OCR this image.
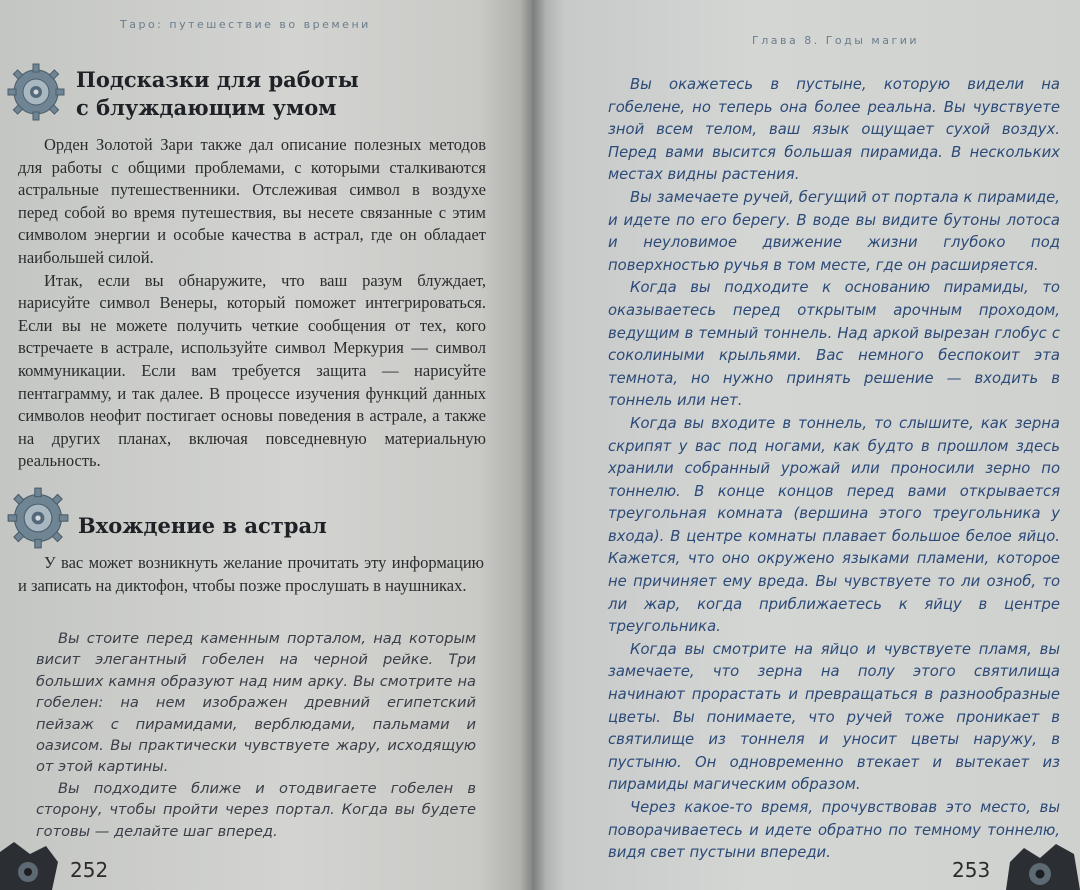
Таро: путешествие во времени
Подсказки для работы
с блуждающим умом

Орден Золотой Зари также дал описание полезных методов для работы с общими проблемами, с которыми сталкиваются астральные путешественники. Отслеживая символ в воздухе перед собой во время путешествия, вы несете связанные с этим символом энергии и особые качества в астрал, где он обладает наибольшей силой.

Итак, если вы обнаружите, что ваш разум блуждает, нарисуйте символ Венеры, который поможет интегрироваться. Если вы не можете получить четкие сообщения от тех, кого встречаете в астрале, используйте символ Меркурия — символ коммуникации. Если вам требуется защита — нарисуйте пентаграмму, и так далее. В процессе изучения функций данных символов неофит постигает основы поведения в астрале, а также на других планах, включая повседневную материальную реальность.

Вхождение в астрал

У вас может возникнуть желание прочитать эту информацию и записать на диктофон, чтобы позже прослушать в наушниках.

Вы стоите перед каменным порталом, над которым висит элегантный гобелен на черной рейке. Три больших камня образуют над ним арку. Вы смотрите на гобелен: на нем изображен древний египетский пейзаж с пирамидами, верблюдами, пальмами и оазисом. Вы практически чувствуете жару, исходящую от этой картины.

Вы подходите ближе и отодвигаете гобелен в сторону, чтобы пройти через портал. Когда вы будете готовы — делайте шаг вперед.

252
Глава 8. Годы магии

Вы окажетесь в пустыне, которую видели на гобелене, но теперь она более реальна. Вы чувствуете зной всем телом, ваш язык ощущает сухой воздух. Перед вами высится большая пирамида. В нескольких местах видны растения.

Вы замечаете ручей, бегущий от портала к пирамиде, и идете по его берегу. В воде вы видите бутоны лотоса и неуловимое движение жизни глубоко под поверхностью ручья в том месте, где он расширяется.

Когда вы подходите к основанию пирамиды, то оказываетесь перед открытым арочным проходом, ведущим в темный тоннель. Над аркой вырезан глобус с соколиными крыльями. Вас немного беспокоит эта темнота, но нужно принять решение — входить в тоннель или нет.

Когда вы входите в тоннель, то слышите, как зерна скрипят у вас под ногами, как будто в прошлом здесь хранили собранный урожай или проносили зерно по тоннелю. В конце концов перед вами открывается треугольная комната (вершина этого треугольника у входа). В центре комнаты плавает большое белое яйцо. Кажется, что оно окружено языками пламени, которое не причиняет ему вреда. Вы чувствуете то ли озноб, то ли жар, когда приближаетесь к яйцу в центре треугольника.

Когда вы смотрите на яйцо и чувствуете пламя, вы замечаете, что зерна на полу этого святилища начинают прорастать и превращаться в разнообразные цветы. Вы понимаете, что ручей тоже проникает в святилище из тоннеля и уносит цветы наружу, в пустыню. Он одновременно втекает и вытекает из пирамиды магическим образом.

Через какое-то время, прочувствовав это место, вы поворачиваетесь и идете обратно по темному тоннелю, видя свет пустыни впереди.

253
